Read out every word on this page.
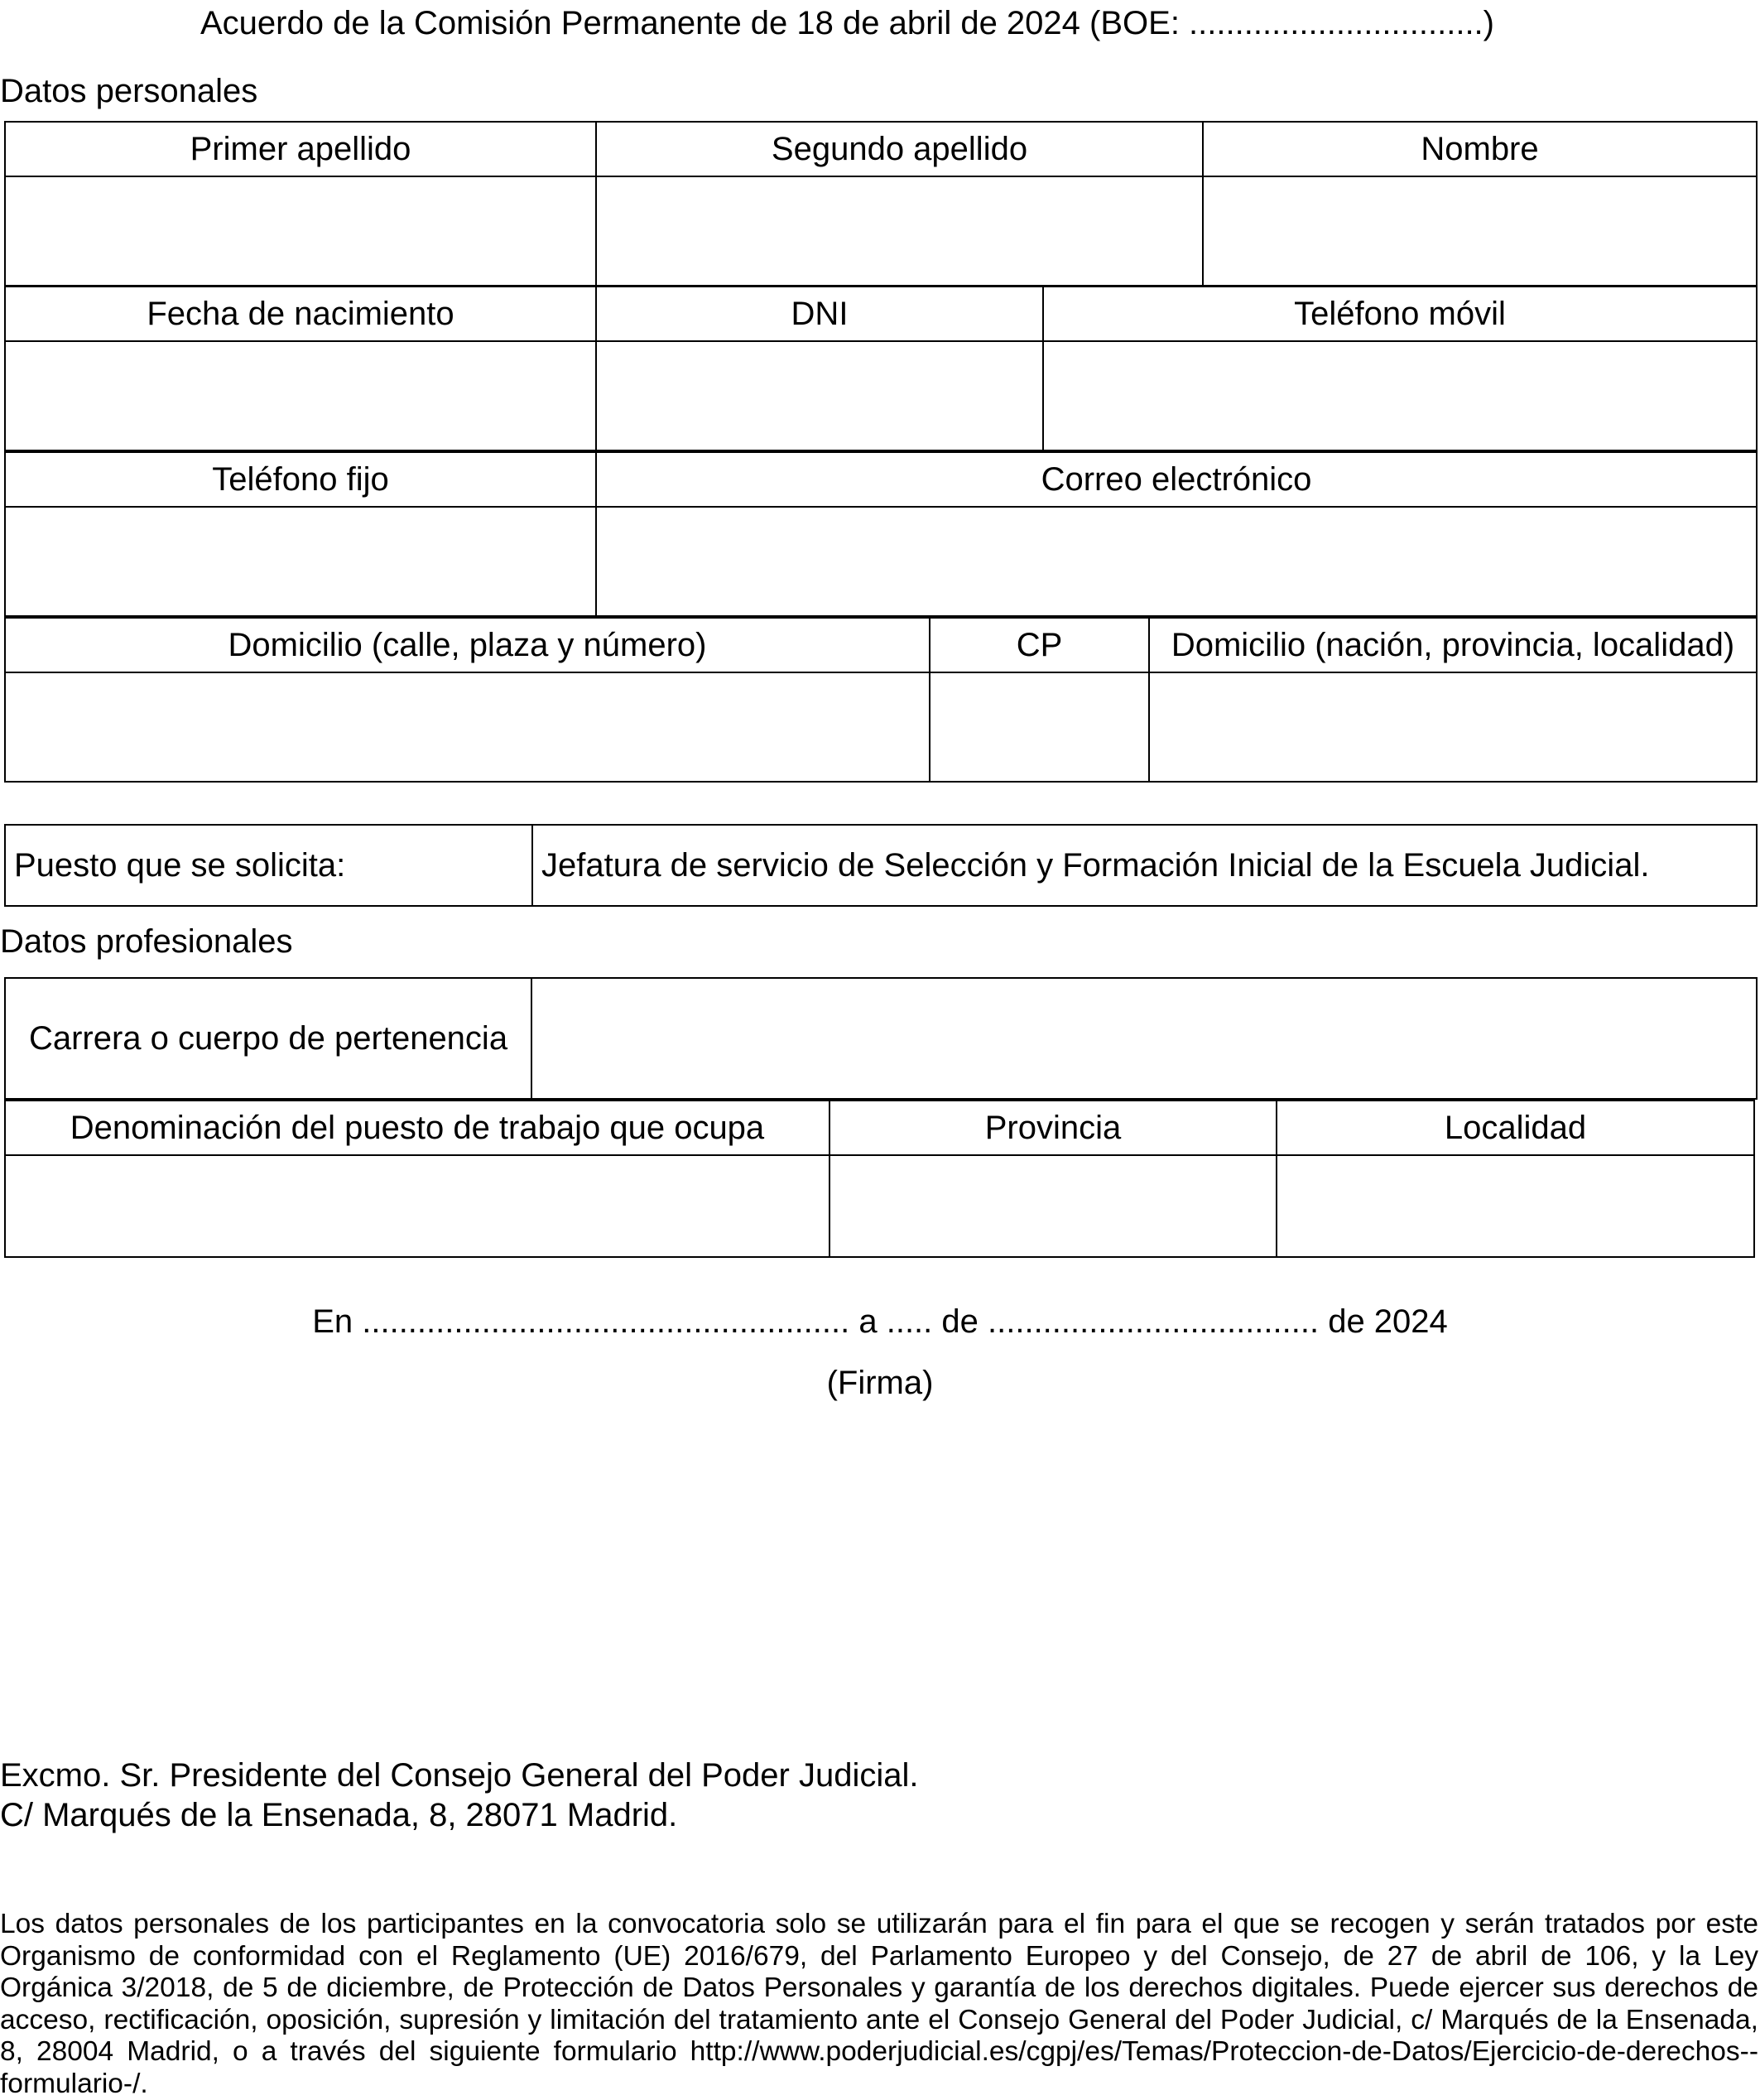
Acuerdo de la Comisión Permanente de 18 de abril de 2024 (BOE: ................................)
Datos personales
Primer apellido	Segundo apellido	Nombre

Fecha de nacimiento	DNI	Teléfono móvil

Teléfono fijo	Correo electrónico

Domicilio (calle, plaza y número)	CP	Domicilio (nación, provincia, localidad)

Puesto que se solicita:	Jefatura de servicio de Selección y Formación Inicial de la Escuela Judicial.
Datos profesionales
Carrera o cuerpo de pertenencia	
Denominación del puesto de trabajo que ocupa	Provincia	Localidad

En ..................................................... a ..... de .................................... de 2024
(Firma)
Excmo. Sr. Presidente del Consejo General del Poder Judicial.
C/ Marqués de la Ensenada, 8, 28071 Madrid.
Los datos personales de los participantes en la convocatoria solo se utilizarán para el fin para el que se recogen y serán tratados por este Organismo de conformidad con el Reglamento (UE) 2016/679, del Parlamento Europeo y del Consejo, de 27 de abril de 106, y la Ley Orgánica 3/2018, de 5 de diciembre, de Protección de Datos Personales y garantía de los derechos digitales. Puede ejercer sus derechos de acceso, rectificación, oposición, supresión y limitación del tratamiento ante el Consejo General del Poder Judicial, c/ Marqués de la Ensenada, 8, 28004 Madrid, o a través del siguiente formulario http://www.poderjudicial.es/cgpj/es/Temas/Proteccion-de-Datos/Ejercicio-de-derechos--formulario-/.
